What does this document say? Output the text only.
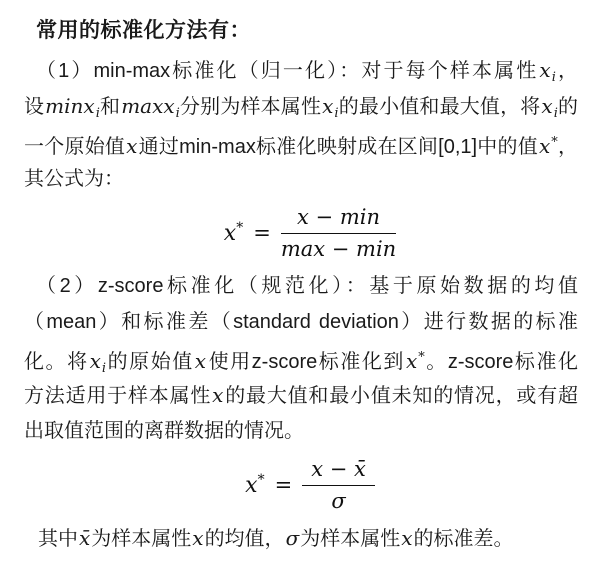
常用的标准化方法有：
（1）min-max标准化（归一化）：对于每个样本属性$x_i$，
设minx$_i$和maxx$_i$分别为样本属性$x_i$的最小值和最大值，将$x_i$的
一个原始值x通过min-max标准化映射成在区间[0,1]中的值x*，
其公式为：
$x^* = \frac{x - \min}{\max - \min}$
（2）z-score标准化（规范化）：基于原始数据的均值
（mean）和标准差（standard deviation）进行数据的标准
化。将$x_i$的原始值x使用z-score标准化到x*。z-score标准化
方法适用于样本属性x的最大值和最小值未知的情况，或有超
出取值范围的离群数据的情况。
$x^* = \frac{x - x̄}{\sigma}$
其中x̄为样本属性x的均值，σ为样本属性x的标准差。
